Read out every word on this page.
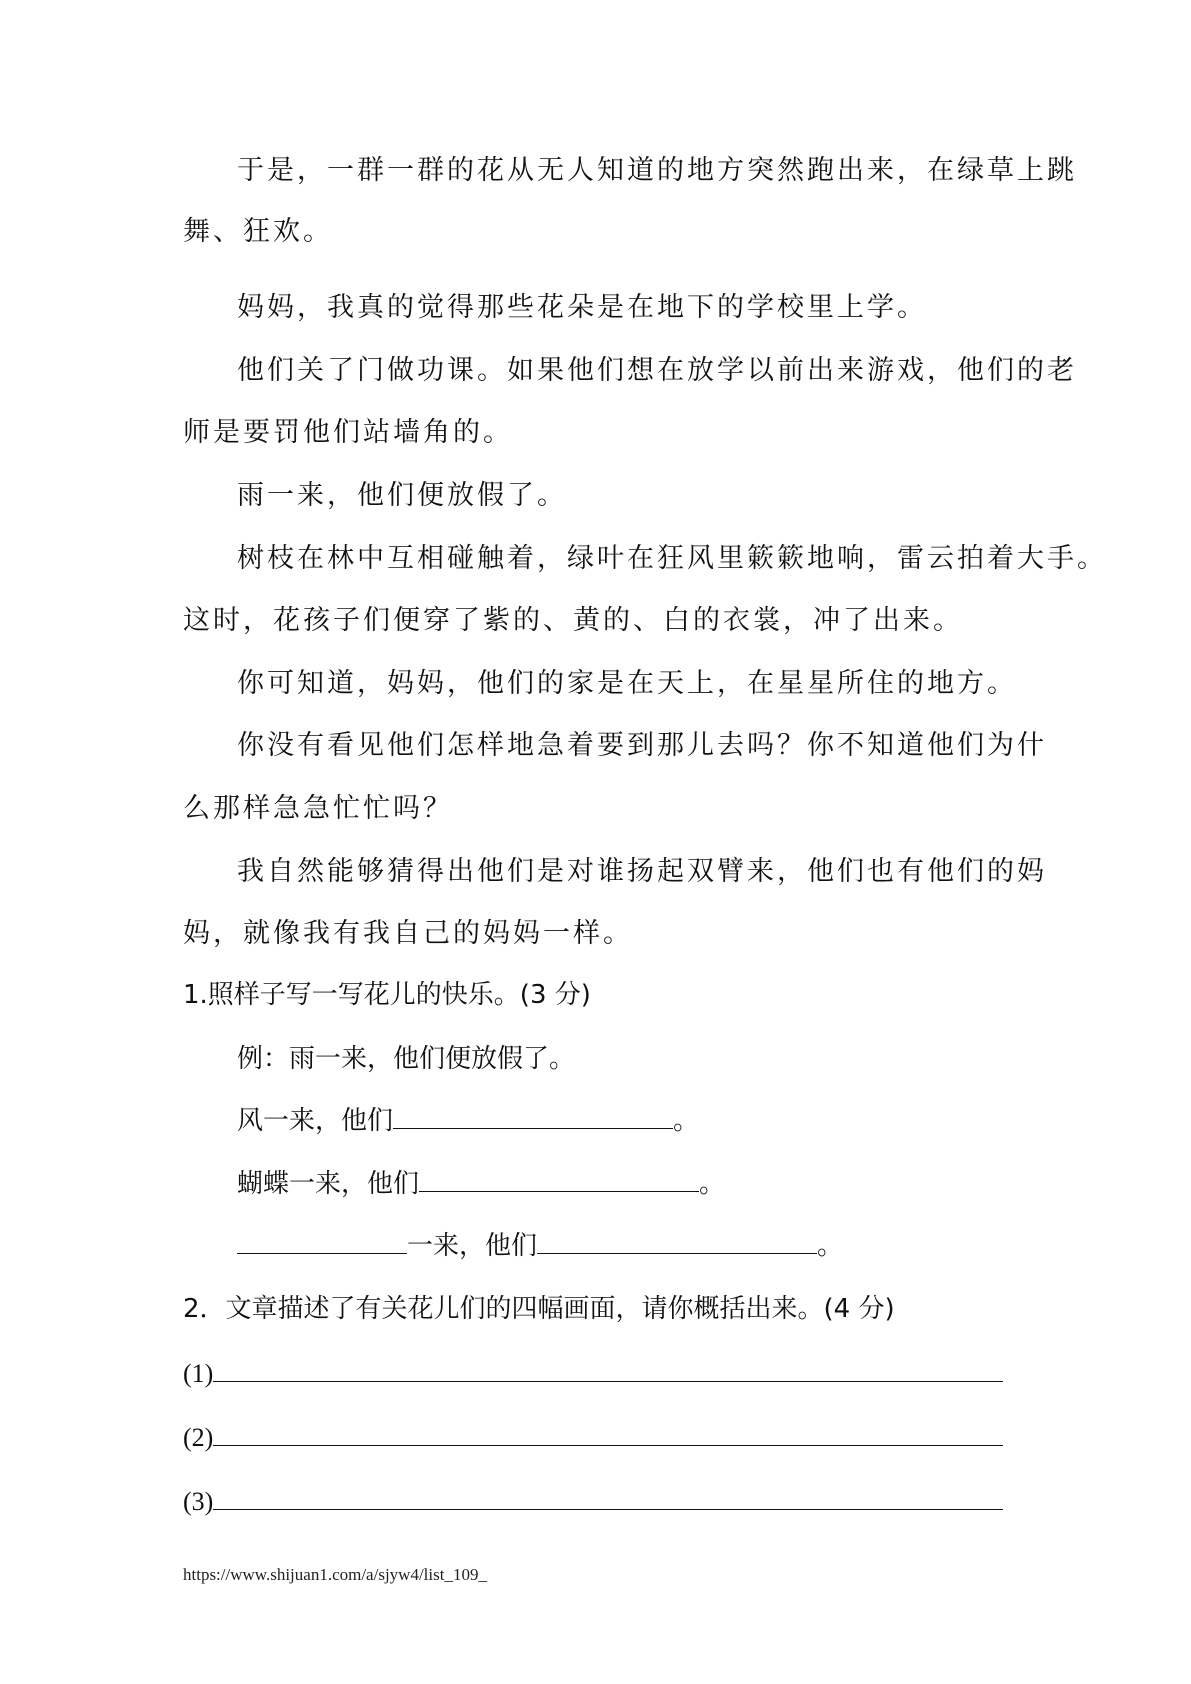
于是，一群一群的花从无人知道的地方突然跑出来，在绿草上跳
舞、狂欢。
妈妈，我真的觉得那些花朵是在地下的学校里上学。
他们关了门做功课。如果他们想在放学以前出来游戏，他们的老
师是要罚他们站墙角的。
雨一来，他们便放假了。
树枝在林中互相碰触着，绿叶在狂风里簌簌地响，雷云拍着大手。
这时，花孩子们便穿了紫的、黄的、白的衣裳，冲了出来。
你可知道，妈妈，他们的家是在天上，在星星所住的地方。
你没有看见他们怎样地急着要到那儿去吗？你不知道他们为什
么那样急急忙忙吗？
我自然能够猜得出他们是对谁扬起双臂来，他们也有他们的妈
妈，就像我有我自己的妈妈一样。
1.照样子写一写花儿的快乐。(3 分)
例：雨一来，他们便放假了。
风一来，他们	。
蝴蝶一来，他们	。
一来，他们	。
2．文章描述了有关花儿们的四幅画面，请你概括出来。(4 分)
(1)
(2)
(3)
https://www.shijuan1.com/a/sjyw4/list_109_
